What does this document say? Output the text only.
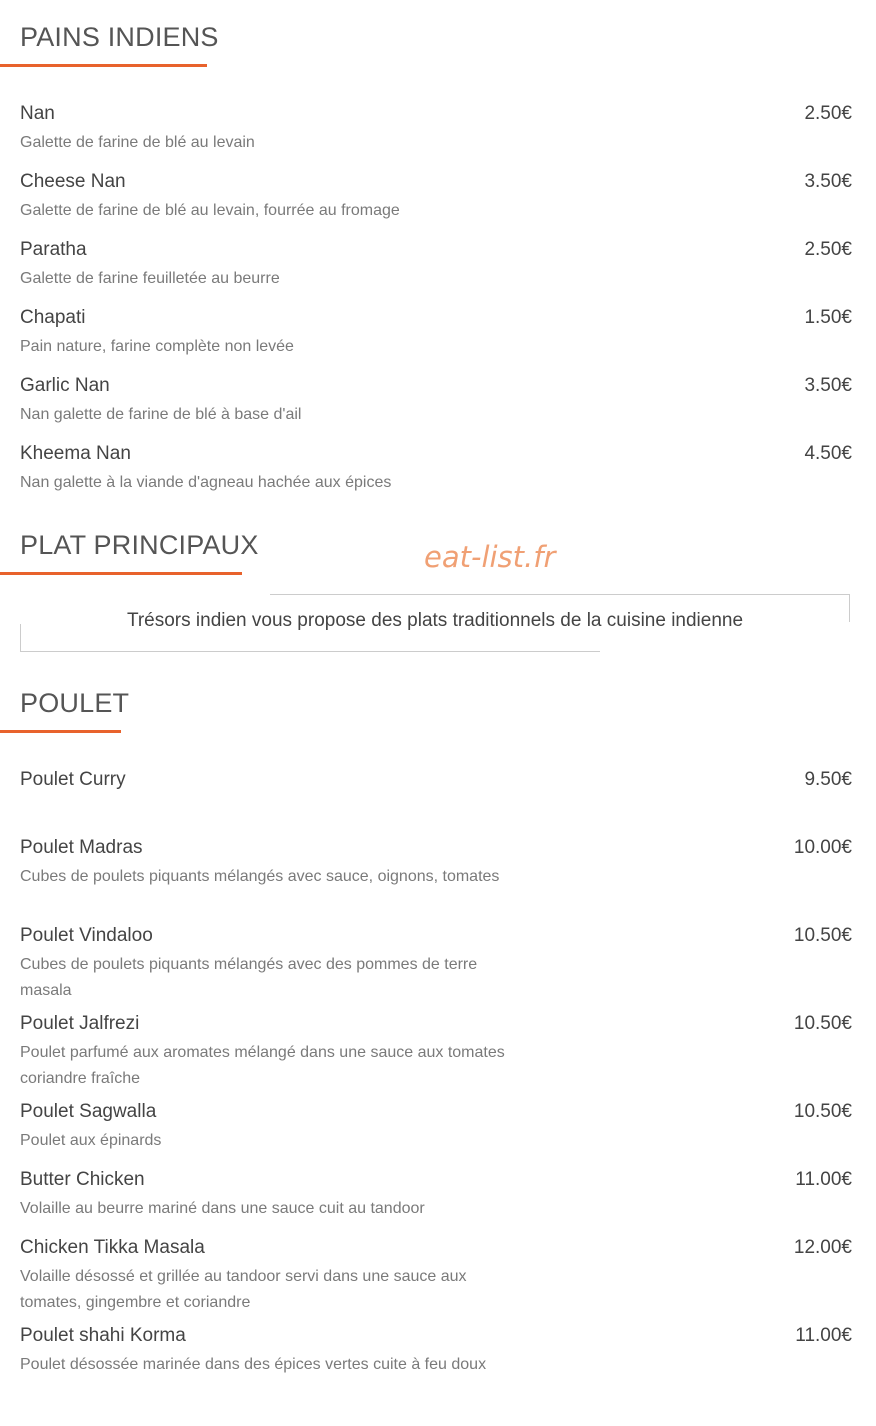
PAINS INDIENS
Nan	2.50€
Galette de farine de blé au levain
Cheese Nan	3.50€
Galette de farine de blé au levain, fourrée au fromage
Paratha	2.50€
Galette de farine feuilletée au beurre
Chapati	1.50€
Pain nature, farine complète non levée
Garlic Nan	3.50€
Nan galette de farine de blé à base d'ail
Kheema Nan	4.50€
Nan galette à la viande d'agneau hachée aux épices
PLAT PRINCIPAUX	eat-list.fr
Trésors indien vous propose des plats traditionnels de la cuisine indienne
POULET
Poulet Curry	9.50€
Poulet Madras	10.00€
Cubes de poulets piquants mélangés avec sauce, oignons, tomates
Poulet Vindaloo	10.50€
Cubes de poulets piquants mélangés avec des pommes de terre masala
Poulet Jalfrezi	10.50€
Poulet parfumé aux aromates mélangé dans une sauce aux tomates coriandre fraîche
Poulet Sagwalla	10.50€
Poulet aux épinards
Butter Chicken	11.00€
Volaille au beurre mariné dans une sauce cuit au tandoor
Chicken Tikka Masala	12.00€
Volaille désossé et grillée au tandoor servi dans une sauce aux tomates, gingembre et coriandre
Poulet shahi Korma	11.00€
Poulet désossée marinée dans des épices vertes cuite à feu doux
